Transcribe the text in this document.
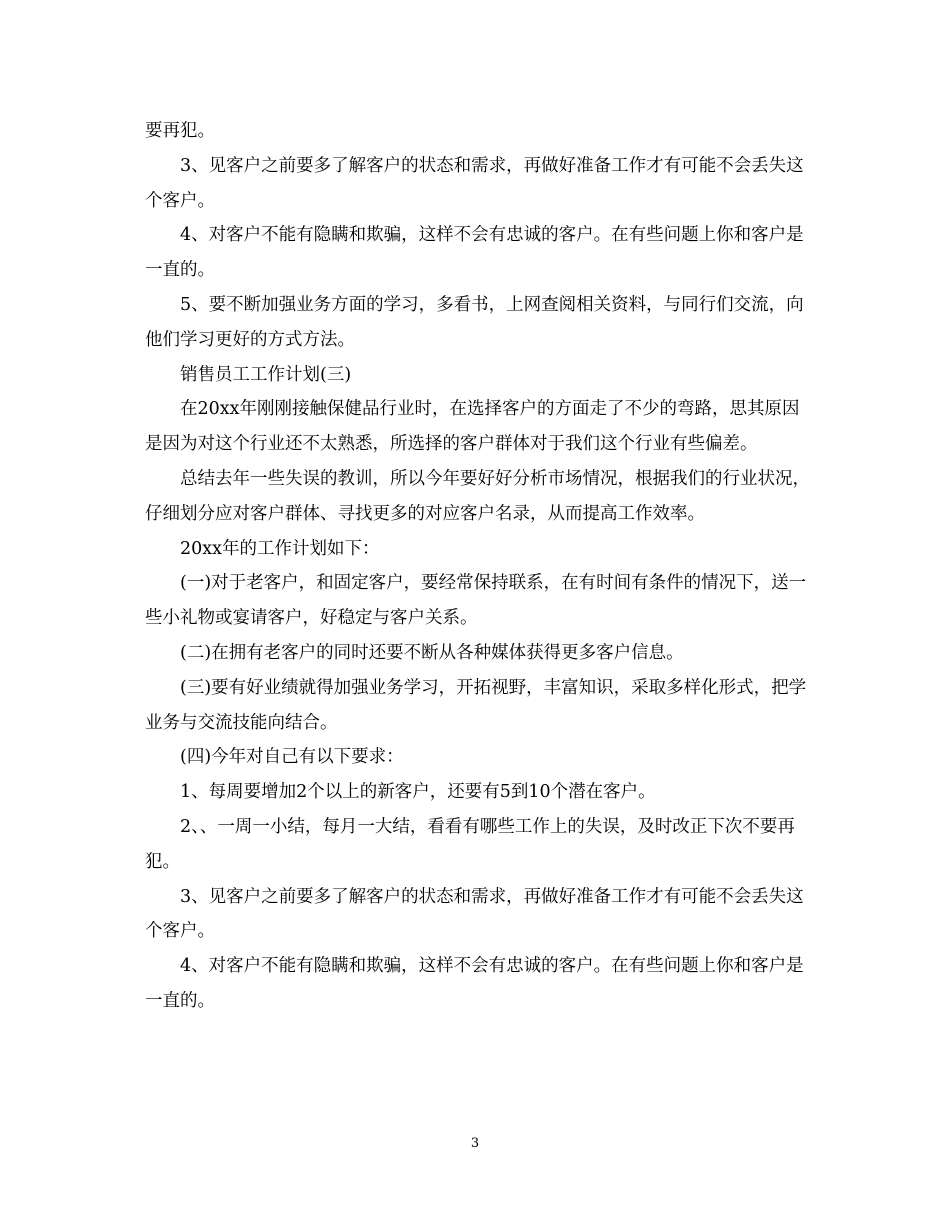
要再犯。

3、见客户之前要多了解客户的状态和需求，再做好准备工作才有可能不会丢失这个客户。

4、对客户不能有隐瞒和欺骗，这样不会有忠诚的客户。在有些问题上你和客户是一直的。

5、要不断加强业务方面的学习，多看书，上网查阅相关资料，与同行们交流，向他们学习更好的方式方法。

销售员工工作计划(三)

在20xx年刚刚接触保健品行业时，在选择客户的方面走了不少的弯路，思其原因是因为对这个行业还不太熟悉，所选择的客户群体对于我们这个行业有些偏差。

总结去年一些失误的教训，所以今年要好好分析市场情况，根据我们的行业状况，仔细划分应对客户群体、寻找更多的对应客户名录，从而提高工作效率。

20xx年的工作计划如下：

(一)对于老客户，和固定客户，要经常保持联系，在有时间有条件的情况下，送一些小礼物或宴请客户，好稳定与客户关系。

(二)在拥有老客户的同时还要不断从各种媒体获得更多客户信息。

(三)要有好业绩就得加强业务学习，开拓视野，丰富知识，采取多样化形式，把学业务与交流技能向结合。

(四)今年对自己有以下要求：

1、每周要增加2个以上的新客户，还要有5到10个潜在客户。

2、、一周一小结，每月一大结，看看有哪些工作上的失误，及时改正下次不要再犯。

3、见客户之前要多了解客户的状态和需求，再做好准备工作才有可能不会丢失这个客户。

4、对客户不能有隐瞒和欺骗，这样不会有忠诚的客户。在有些问题上你和客户是一直的。

3
